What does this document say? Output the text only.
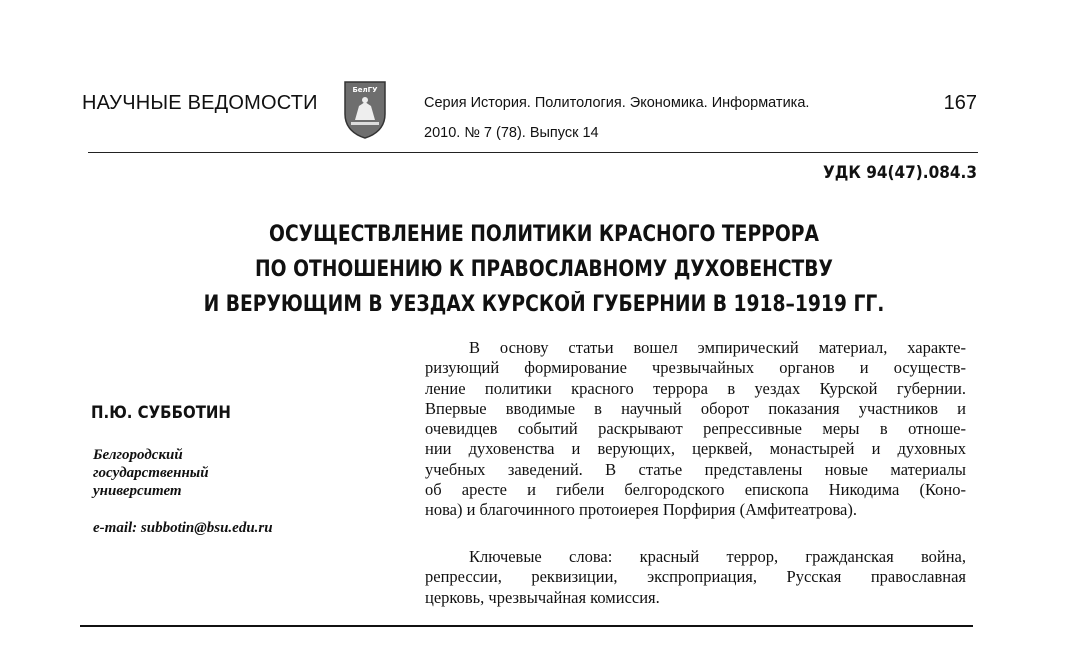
НАУЧНЫЕ ВЕДОМОСТИ
БелГУ
Серия История. Политология. Экономика. Информатика.
2010. № 7 (78). Выпуск 14
167
УДК 94(47).084.3
ОСУЩЕСТВЛЕНИЕ ПОЛИТИКИ КРАСНОГО ТЕРРОРА
ПО ОТНОШЕНИЮ К ПРАВОСЛАВНОМУ ДУХОВЕНСТВУ
И ВЕРУЮЩИМ В УЕЗДАХ КУРСКОЙ ГУБЕРНИИ В 1918–1919 ГГ.
П.Ю. СУББОТИН
Белгородский
государственный
университет
e-mail: subbotin@bsu.edu.ru
В основу статьи вошел эмпирический материал, характе-
ризующий формирование чрезвычайных органов и осуществ-
ление политики красного террора в уездах Курской губернии.
Впервые вводимые в научный оборот показания участников и
очевидцев событий раскрывают репрессивные меры в отноше-
нии духовенства и верующих, церквей, монастырей и духовных
учебных заведений. В статье представлены новые материалы
об аресте и гибели белгородского епископа Никодима (Коно-
нова) и благочинного протоиерея Порфирия (Амфитеатрова).
Ключевые слова: красный террор, гражданская война,
репрессии, реквизиции, экспроприация, Русская православная
церковь, чрезвычайная комиссия.
